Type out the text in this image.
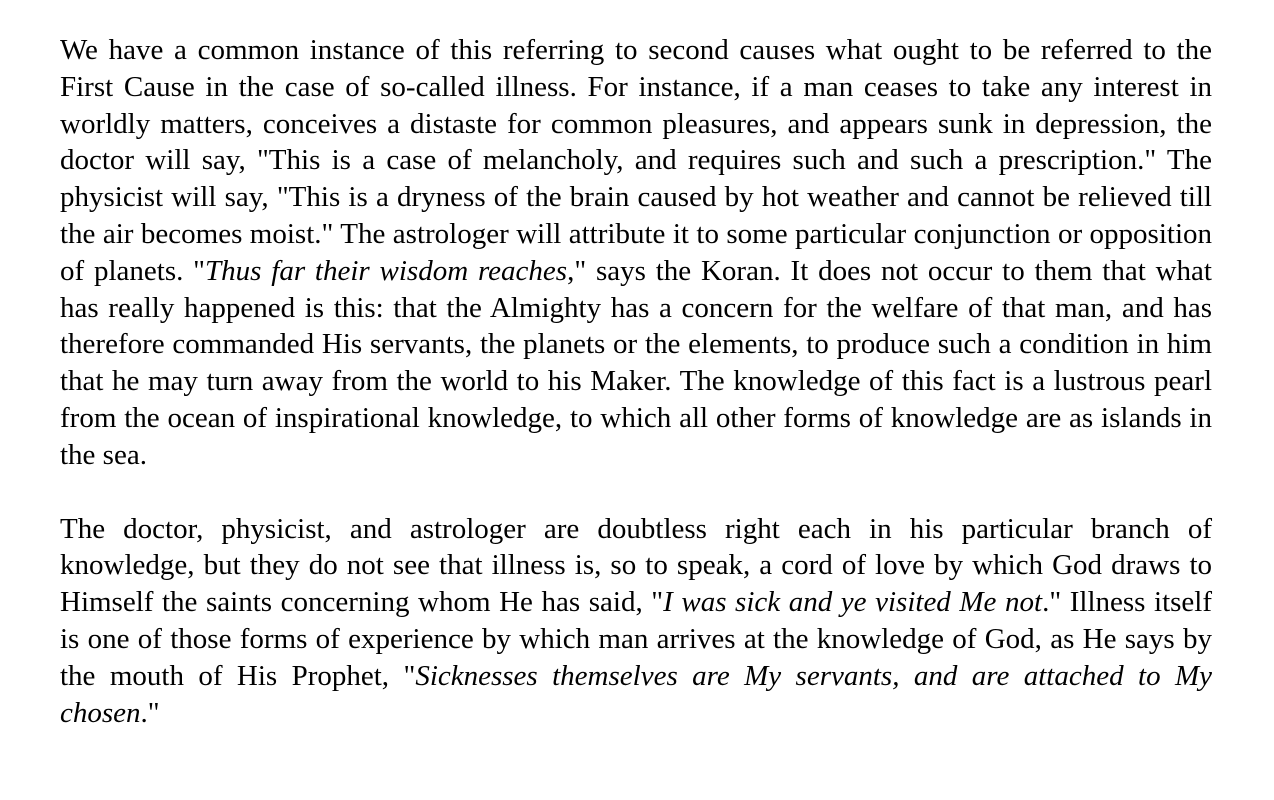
We have a common instance of this referring to second causes what ought to be referred to the First Cause in the case of so-called illness. For instance, if a man ceases to take any interest in worldly matters, conceives a distaste for common pleasures, and appears sunk in depression, the doctor will say, "This is a case of melancholy, and requires such and such a prescription." The physicist will say, "This is a dryness of the brain caused by hot weather and cannot be relieved till the air becomes moist." The astrologer will attribute it to some particular conjunction or opposition of planets. "Thus far their wisdom reaches," says the Koran. It does not occur to them that what has really happened is this: that the Almighty has a concern for the welfare of that man, and has therefore commanded His servants, the planets or the elements, to produce such a condition in him that he may turn away from the world to his Maker. The knowledge of this fact is a lustrous pearl from the ocean of inspirational knowledge, to which all other forms of knowledge are as islands in the sea.

The doctor, physicist, and astrologer are doubtless right each in his particular branch of knowledge, but they do not see that illness is, so to speak, a cord of love by which God draws to Himself the saints concerning whom He has said, "I was sick and ye visited Me not." Illness itself is one of those forms of experience by which man arrives at the knowledge of God, as He says by the mouth of His Prophet, "Sicknesses themselves are My servants, and are attached to My chosen."
